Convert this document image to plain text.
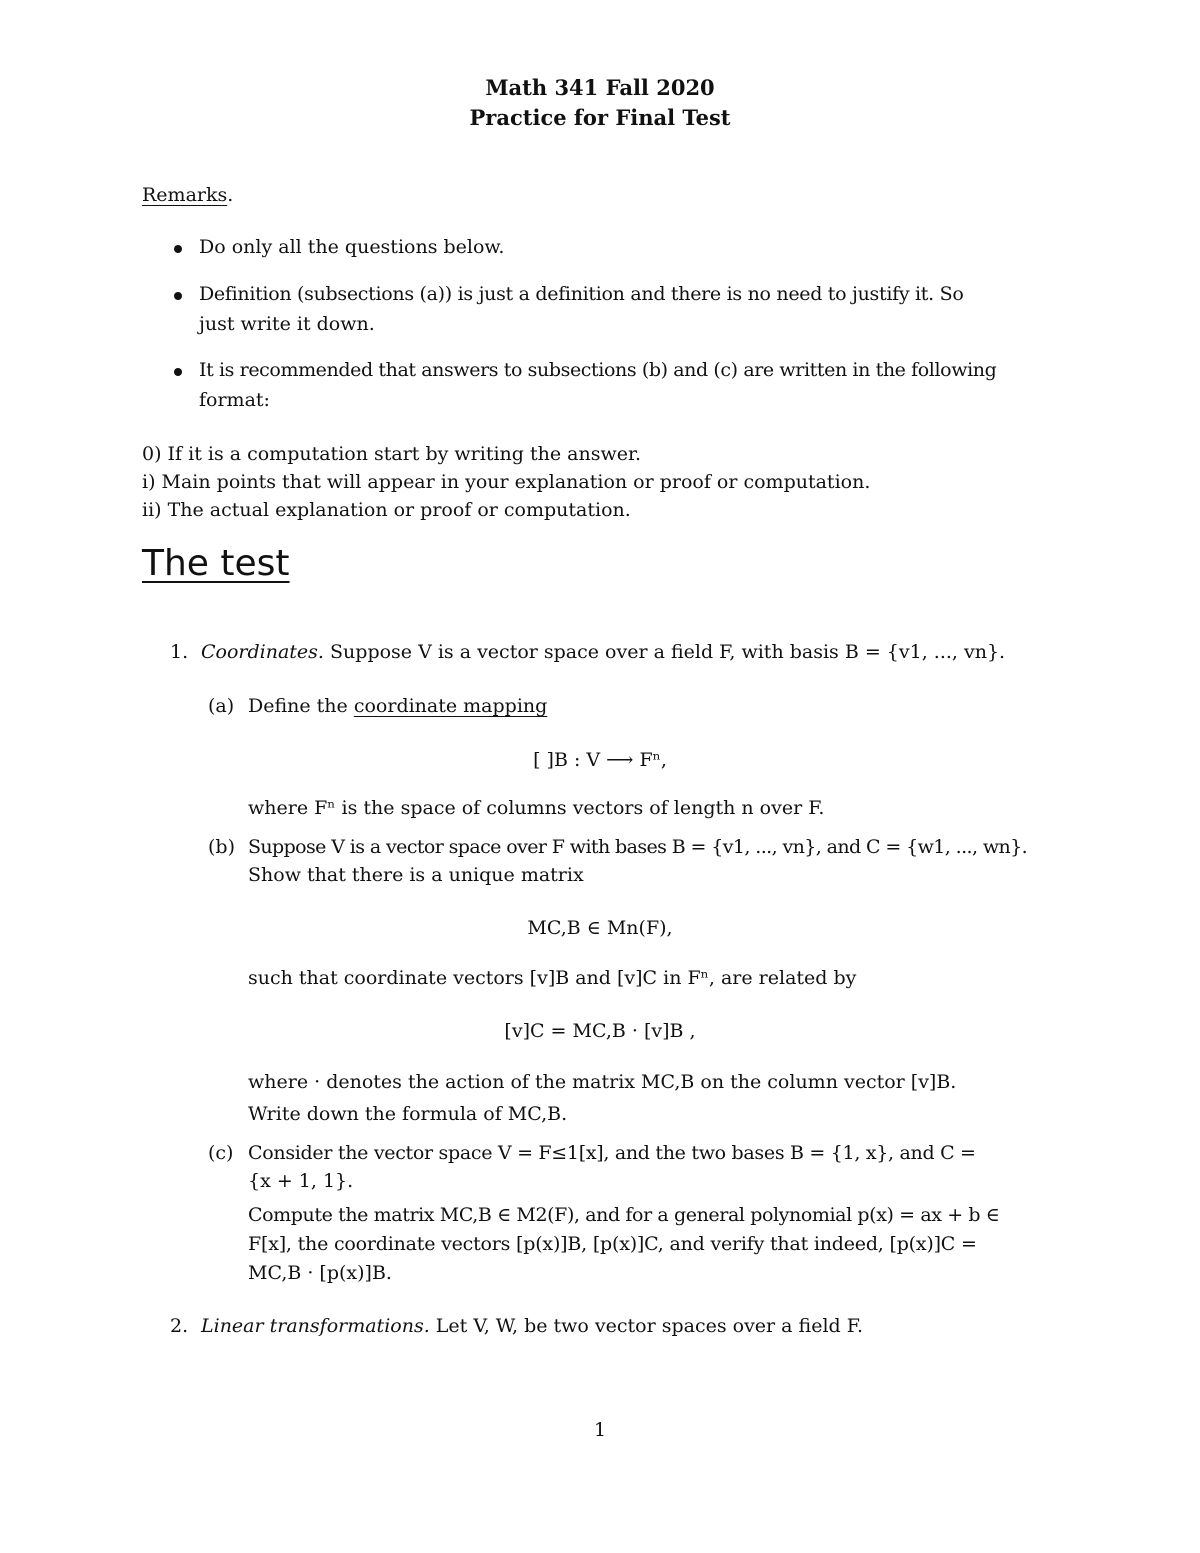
Math 341 Fall 2020
Practice for Final Test
Remarks.
Do only all the questions below.
Definition (subsections (a)) is just a definition and there is no need to justify it. So
just write it down.
It is recommended that answers to subsections (b) and (c) are written in the following
format:
0) If it is a computation start by writing the answer.
i) Main points that will appear in your explanation or proof or computation.
ii) The actual explanation or proof or computation.
The test
1. Coordinates. Suppose V is a vector space over a field F, with basis B = {v1, ..., vn}.
(a) Define the coordinate mapping
[ ]B : V ⟶ Fⁿ,
where Fⁿ is the space of columns vectors of length n over F.
(b) Suppose V is a vector space over F with bases B = {v1, ..., vn}, and C = {w1, ..., wn}.
Show that there is a unique matrix
MC,B ∈ Mn(F),
such that coordinate vectors [v]B and [v]C in Fⁿ, are related by
[v]C = MC,B · [v]B ,
where · denotes the action of the matrix MC,B on the column vector [v]B.
Write down the formula of MC,B.
(c) Consider the vector space V = F≤1[x], and the two bases B = {1, x}, and C =
{x + 1, 1}.
Compute the matrix MC,B ∈ M2(F), and for a general polynomial p(x) = ax + b ∈
F[x], the coordinate vectors [p(x)]B, [p(x)]C, and verify that indeed, [p(x)]C =
MC,B · [p(x)]B.
2. Linear transformations. Let V, W, be two vector spaces over a field F.
1
